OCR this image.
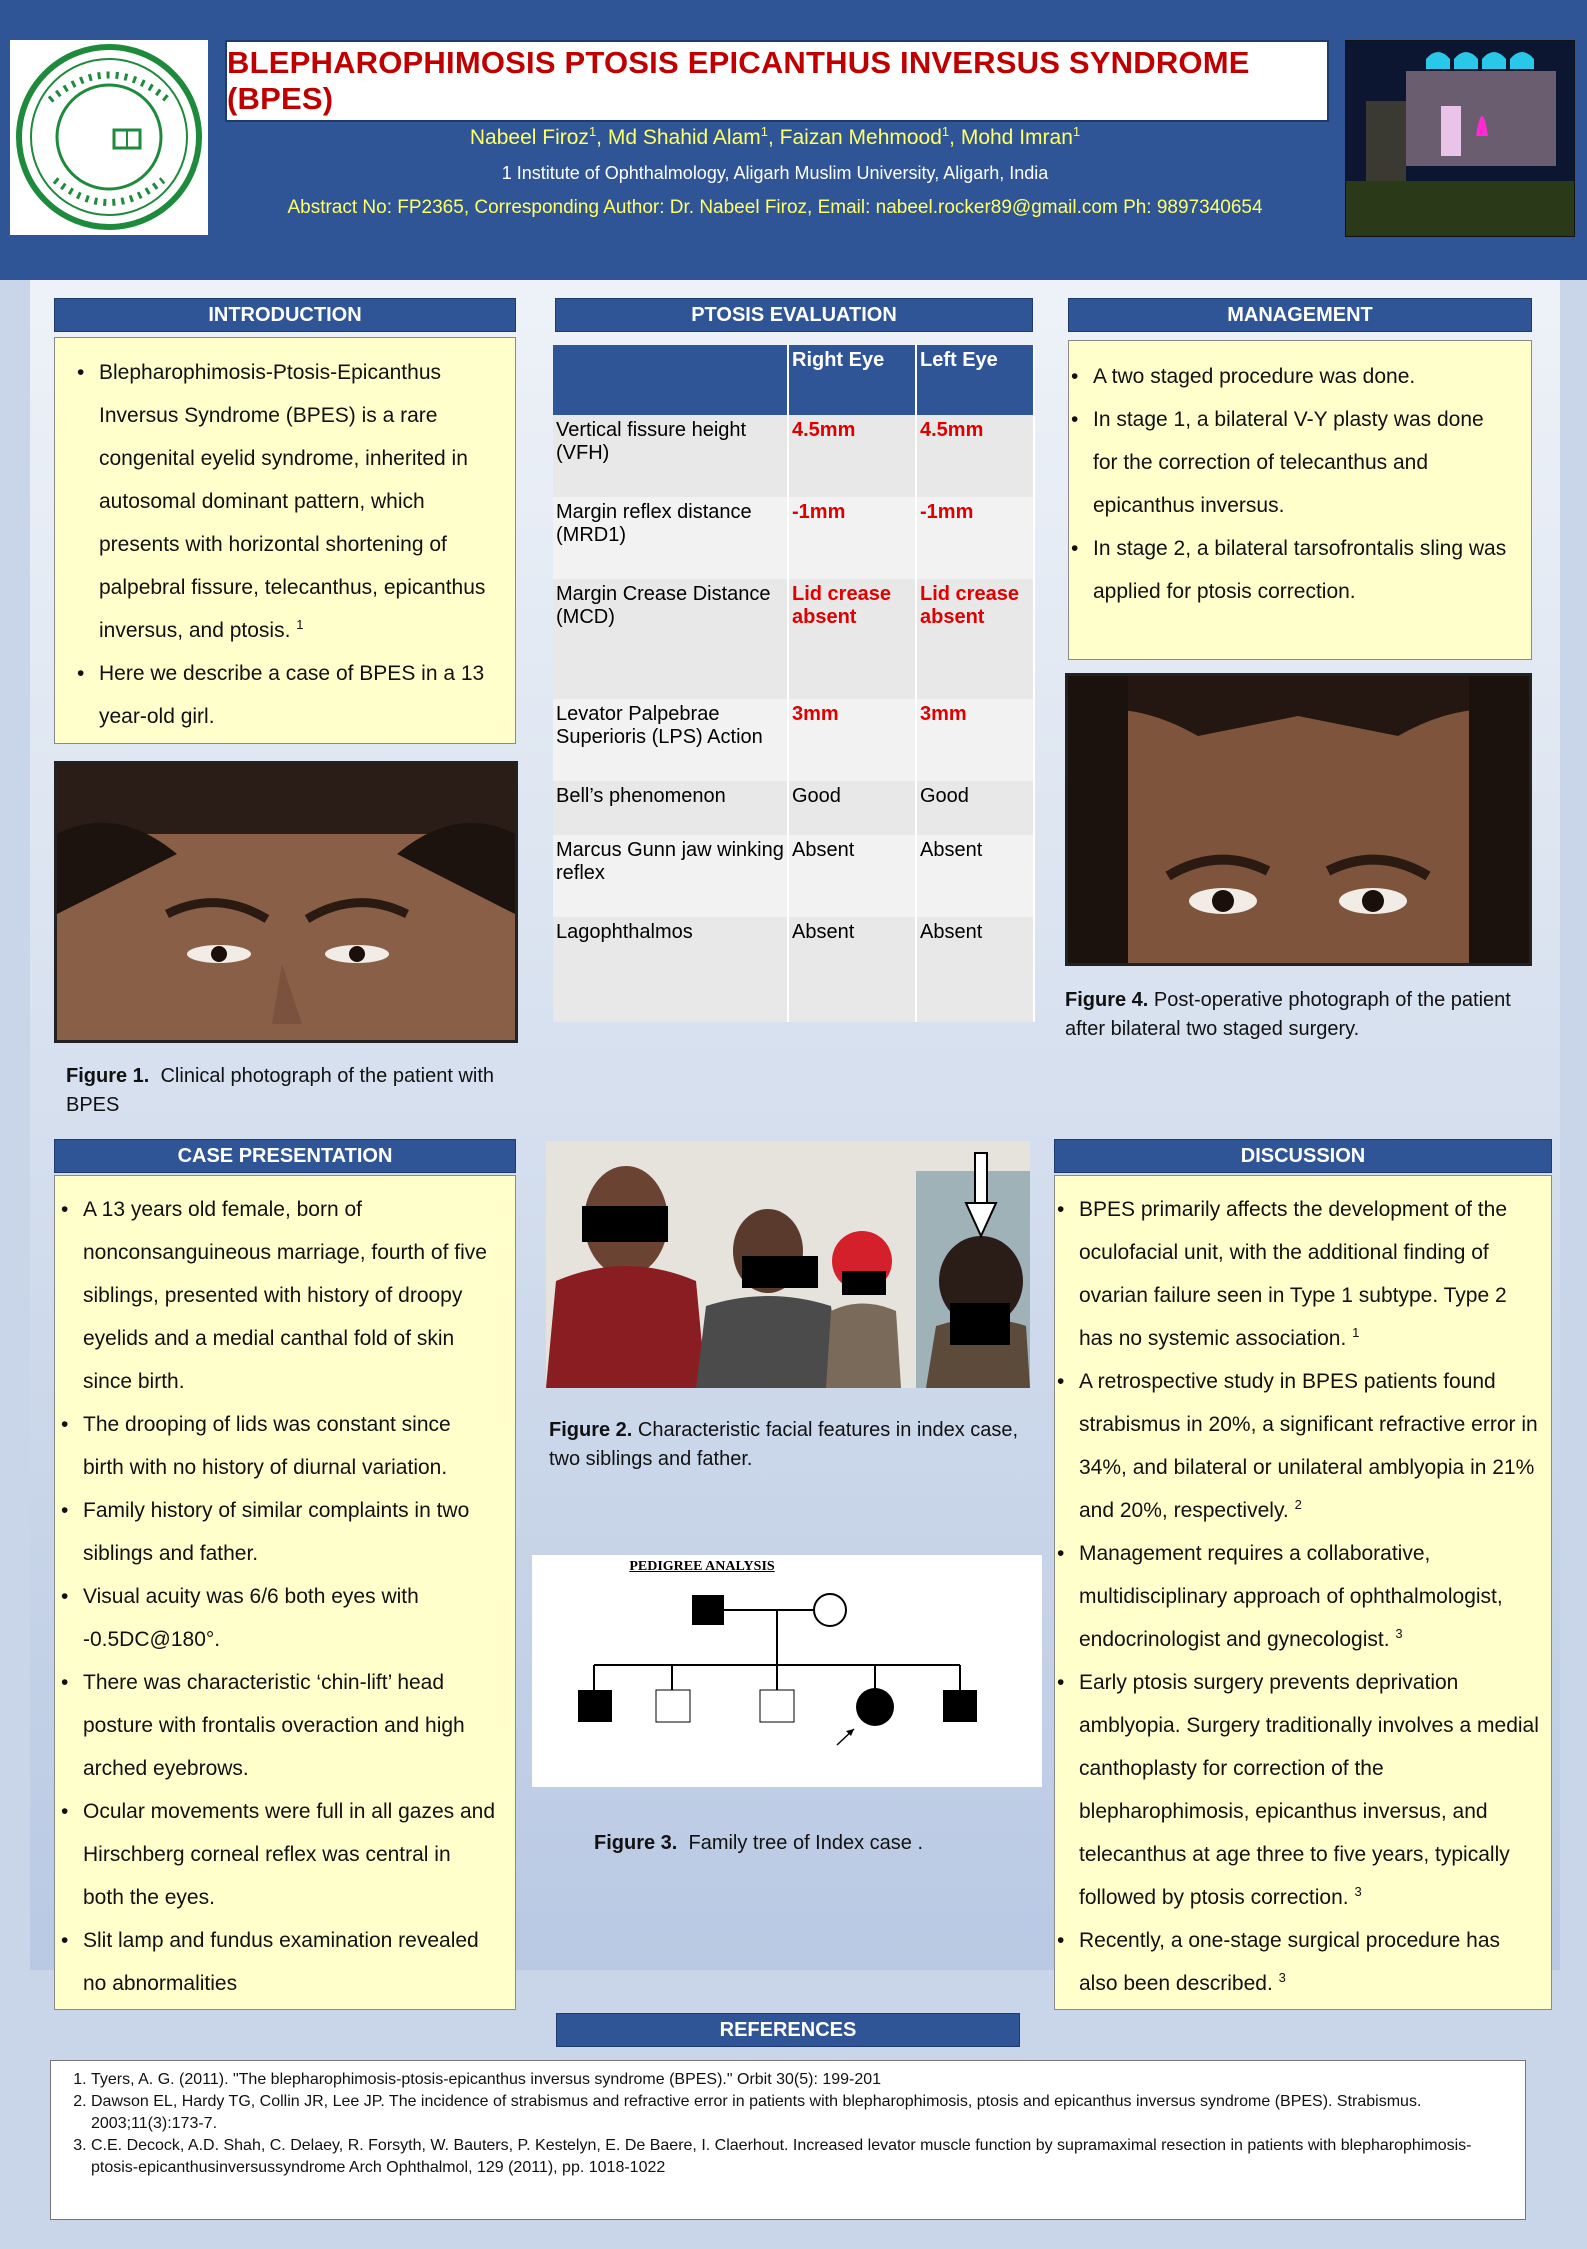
BLEPHAROPHIMOSIS PTOSIS EPICANTHUS INVERSUS SYNDROME (BPES)
Nabeel Firoz$^1$, Md Shahid Alam$^1$, Faizan Mehmood$^1$, Mohd Imran$^1$
1 Institute of Ophthalmology, Aligarh Muslim University, Aligarh, India
Abstract No: FP2365, Corresponding Author: Dr. Nabeel Firoz, Email: nabeel.rocker89@gmail.com Ph: 9897340654
INTRODUCTION
• Blepharophimosis-Ptosis-Epicanthus Inversus Syndrome (BPES) is a rare congenital eyelid syndrome, inherited in autosomal dominant pattern, which presents with horizontal shortening of palpebral fissure, telecanthus, epicanthus inversus, and ptosis. $^1$
• Here we describe a case of BPES in a 13 year-old girl.
Figure 1. Clinical photograph of the patient with BPES
PTOSIS EVALUATION
	Right Eye	Left Eye
Vertical fissure height (VFH)	4.5mm	4.5mm
Margin reflex distance (MRD1)	-1mm	-1mm
Margin Crease Distance (MCD)	Lid crease absent	Lid crease absent
Levator Palpebrae Superioris (LPS) Action	3mm	3mm
Bell’s phenomenon	Good	Good
Marcus Gunn jaw winking reflex	Absent	Absent
Lagophthalmos	Absent	Absent
MANAGEMENT
• A two staged procedure was done.
• In stage 1, a bilateral V-Y plasty was done for the correction of telecanthus and epicanthus inversus.
• In stage 2, a bilateral tarsofrontalis sling was applied for ptosis correction.
Figure 4. Post-operative photograph of the patient after bilateral two staged surgery.
CASE PRESENTATION
• A 13 years old female, born of nonconsanguineous marriage, fourth of five siblings, presented with history of droopy eyelids and a medial canthal fold of skin since birth.
• The drooping of lids was constant since birth with no history of diurnal variation.
• Family history of similar complaints in two siblings and father.
• Visual acuity was 6/6 both eyes with -0.5DC@180°.
• There was characteristic ‘chin-lift’ head posture with frontalis overaction and high arched eyebrows.
• Ocular movements were full in all gazes and Hirschberg corneal reflex was central in both the eyes.
• Slit lamp and fundus examination revealed no abnormalities
Figure 2. Characteristic facial features in index case, two siblings and father.
PEDIGREE ANALYSIS
Figure 3. Family tree of Index case .
DISCUSSION
• BPES primarily affects the development of the oculofacial unit, with the additional finding of ovarian failure seen in Type 1 subtype. Type 2 has no systemic association. $^1$
• A retrospective study in BPES patients found strabismus in 20%, a significant refractive error in 34%, and bilateral or unilateral amblyopia in 21% and 20%, respectively. $^2$
• Management requires a collaborative, multidisciplinary approach of ophthalmologist, endocrinologist and gynecologist. $^3$
• Early ptosis surgery prevents deprivation amblyopia. Surgery traditionally involves a medial canthoplasty for correction of the blepharophimosis, epicanthus inversus, and telecanthus at age three to five years, typically followed by ptosis correction. $^3$
• Recently, a one-stage surgical procedure has also been described. $^3$
REFERENCES
1. Tyers, A. G. (2011). "The blepharophimosis-ptosis-epicanthus inversus syndrome (BPES)." Orbit 30(5): 199-201
2. Dawson EL, Hardy TG, Collin JR, Lee JP. The incidence of strabismus and refractive error in patients with blepharophimosis, ptosis and epicanthus inversus syndrome (BPES). Strabismus. 2003;11(3):173-7.
3. C.E. Decock, A.D. Shah, C. Delaey, R. Forsyth, W. Bauters, P. Kestelyn, E. De Baere, I. Claerhout. Increased levator muscle function by supramaximal resection in patients with blepharophimosis-ptosis-epicanthusinversussyndrome Arch Ophthalmol, 129 (2011), pp. 1018-1022
